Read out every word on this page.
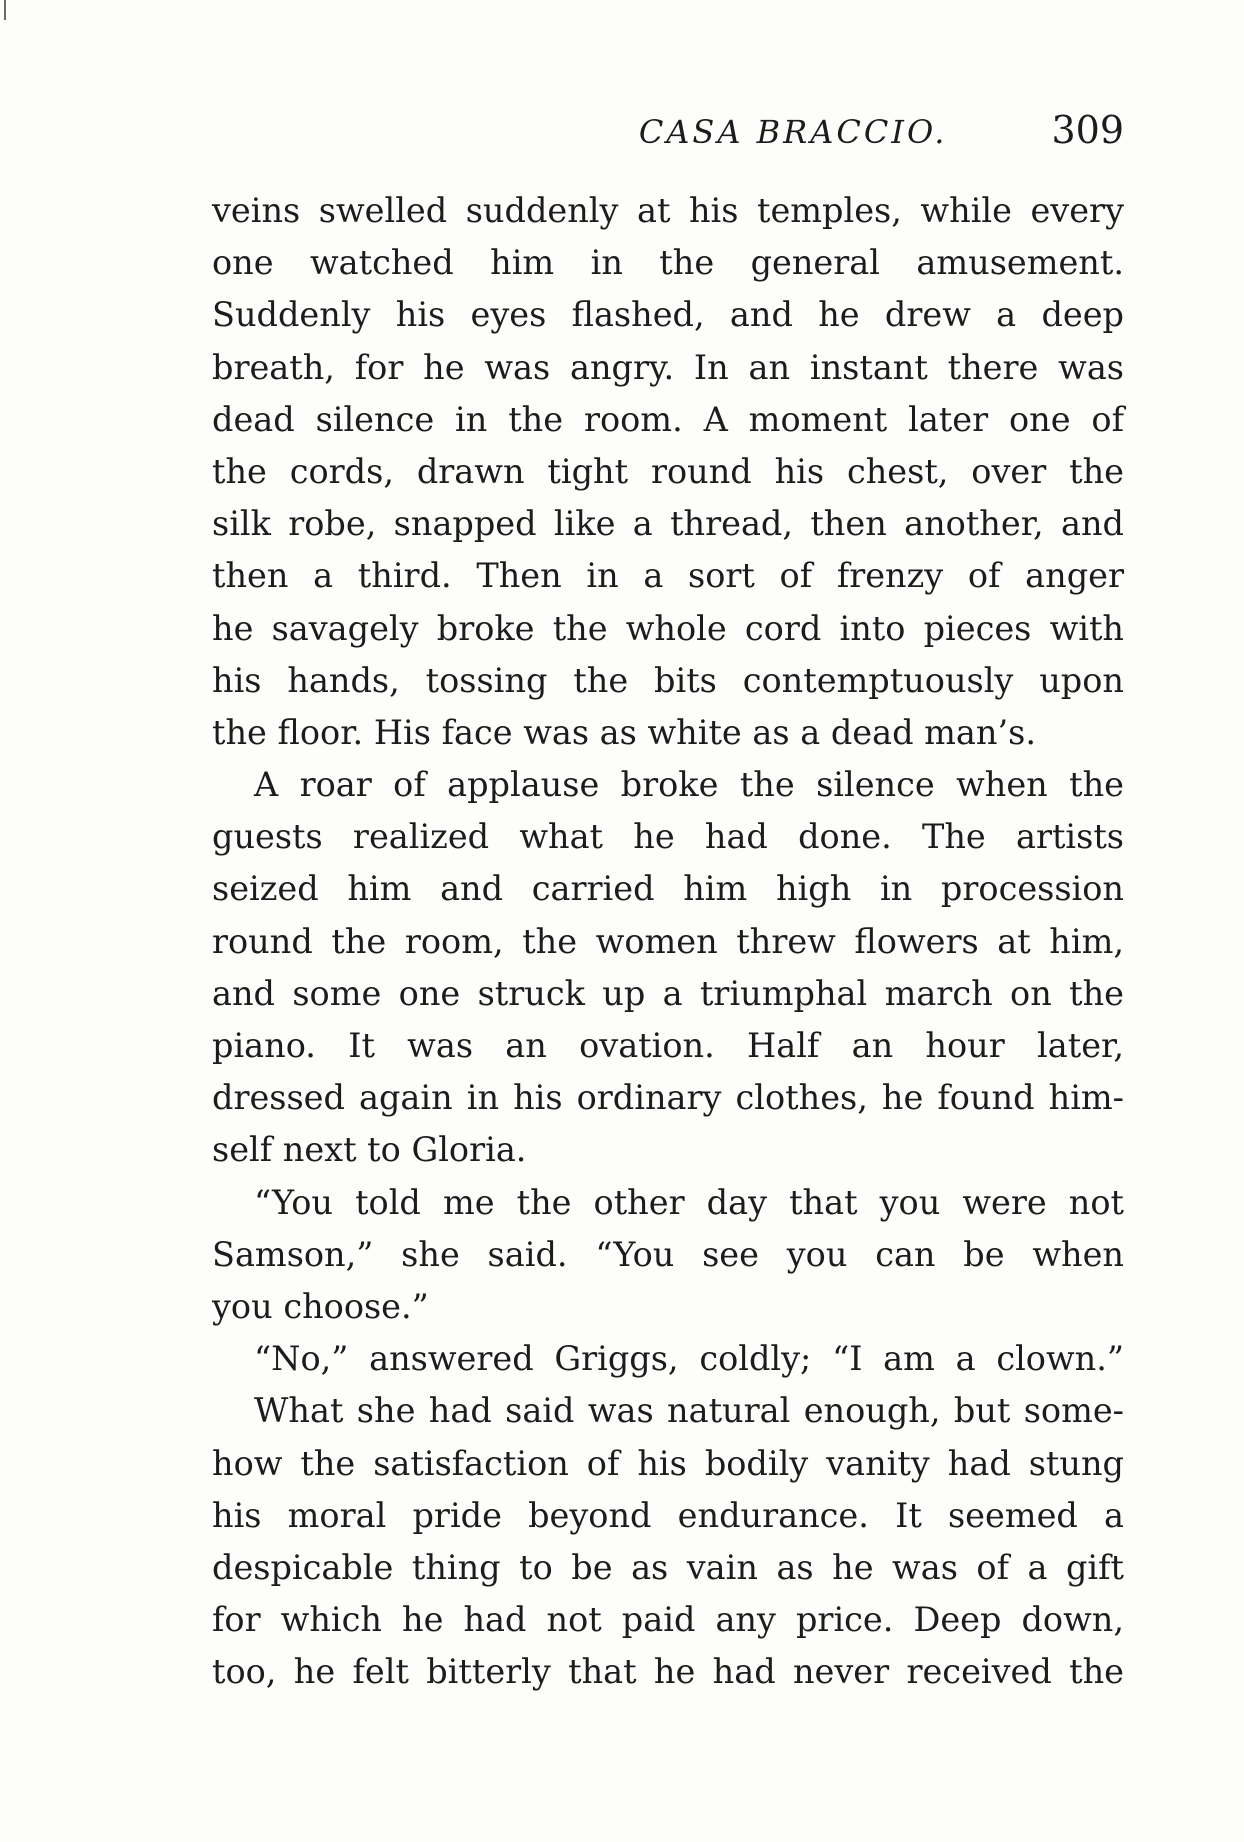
CASA BRACCIO.	309
veins swelled suddenly at his temples, while every
one watched him in the general amusement.
Suddenly his eyes flashed, and he drew a deep
breath, for he was angry. In an instant there was
dead silence in the room. A moment later one of
the cords, drawn tight round his chest, over the
silk robe, snapped like a thread, then another, and
then a third. Then in a sort of frenzy of anger
he savagely broke the whole cord into pieces with
his hands, tossing the bits contemptuously upon
the floor. His face was as white as a dead man’s.
A roar of applause broke the silence when the
guests realized what he had done. The artists
seized him and carried him high in procession
round the room, the women threw flowers at him,
and some one struck up a triumphal march on the
piano. It was an ovation. Half an hour later,
dressed again in his ordinary clothes, he found him-
self next to Gloria.
“You told me the other day that you were not
Samson,” she said. “You see you can be when
you choose.”
“No,” answered Griggs, coldly; “I am a clown.”
What she had said was natural enough, but some-
how the satisfaction of his bodily vanity had stung
his moral pride beyond endurance. It seemed a
despicable thing to be as vain as he was of a gift
for which he had not paid any price. Deep down,
too, he felt bitterly that he had never received the
